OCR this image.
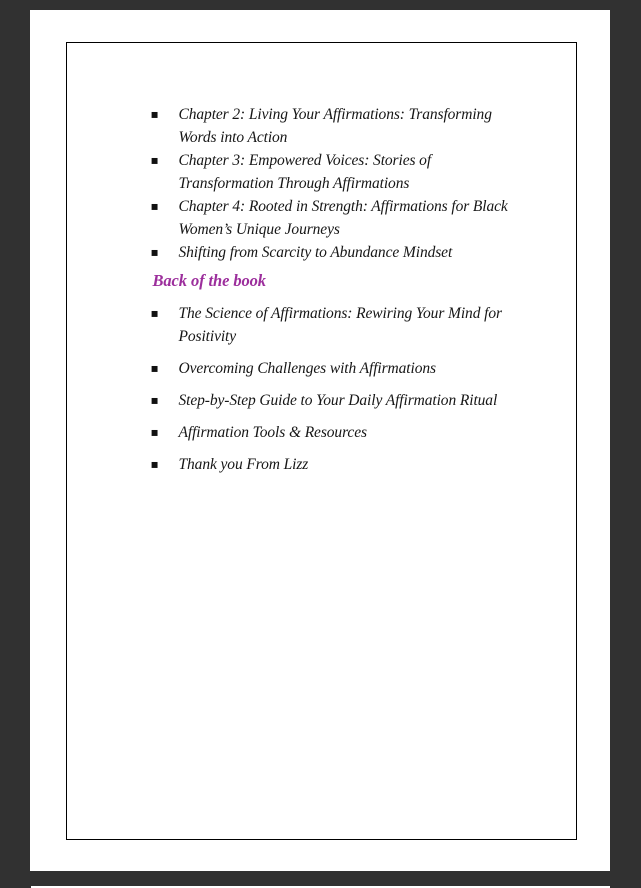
▪	Chapter 2: Living Your Affirmations: Transforming
Words into Action
▪	Chapter 3: Empowered Voices: Stories of
Transformation Through Affirmations
▪	Chapter 4: Rooted in Strength: Affirmations for Black
Women’s Unique Journeys
▪	Shifting from Scarcity to Abundance Mindset
Back of the book
▪	The Science of Affirmations: Rewiring Your Mind for
Positivity
▪	Overcoming Challenges with Affirmations
▪	Step-by-Step Guide to Your Daily Affirmation Ritual
▪	Affirmation Tools & Resources
▪	Thank you From Lizz
